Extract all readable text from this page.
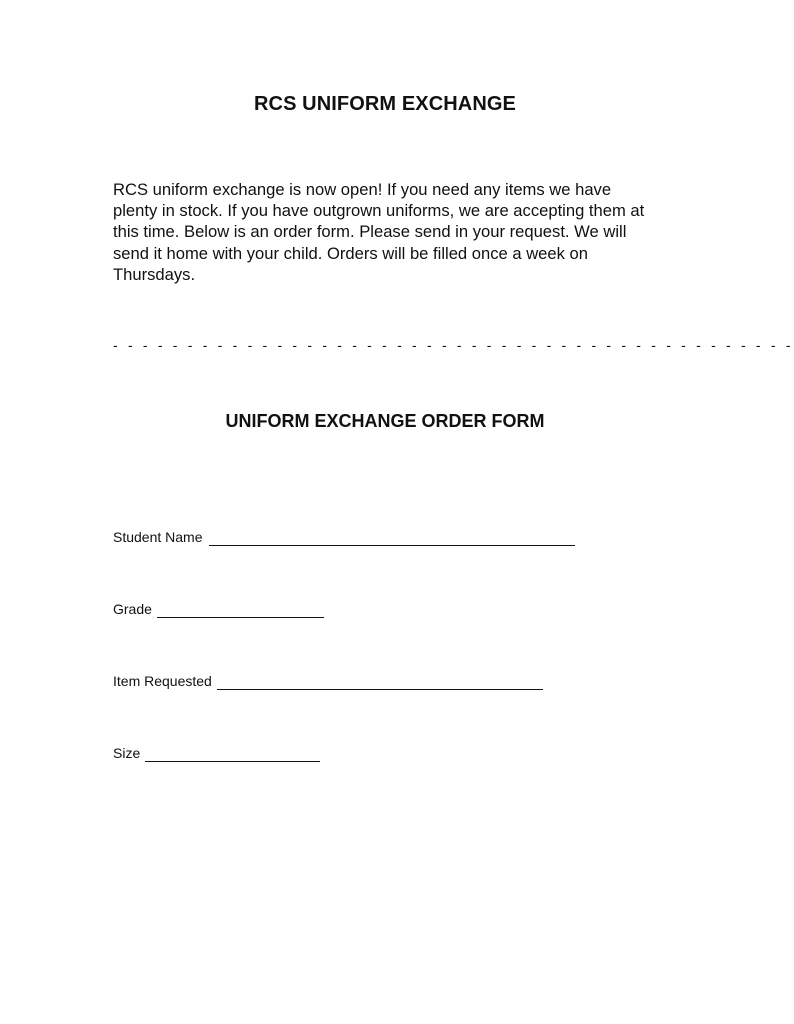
RCS UNIFORM EXCHANGE
RCS uniform exchange is now open! If you need any items we have plenty in stock. If you have outgrown uniforms, we are accepting them at this time. Below is an order form. Please send in your request. We will send it home with your child. Orders will be filled once a week on Thursdays.
- - - - - - - - - - - - - - - - - - - - - - - - - - - - - - - - - - - - - - - - - - - - - -
UNIFORM EXCHANGE ORDER FORM
Student Name
Grade
Item Requested
Size
